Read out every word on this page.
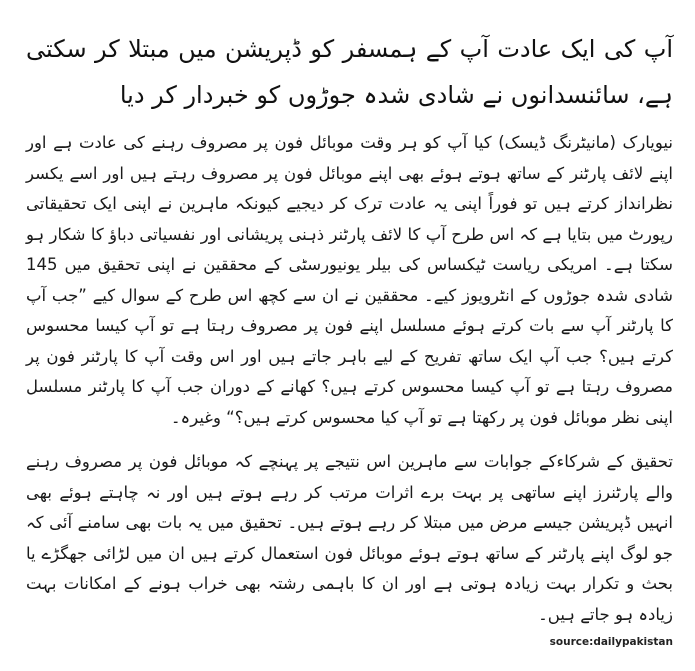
آپ کی ایک عادت آپ کے ہمسفر کو ڈپریشن میں مبتلا کر سکتی ہے، سائنسدانوں نے شادی شدہ جوڑوں کو خبردار کر دیا

نیویارک (مانیٹرنگ ڈیسک) کیا آپ کو ہر وقت موبائل فون پر مصروف رہنے کی عادت ہے اور اپنے لائف پارٹنر کے ساتھ ہوتے ہوئے بھی اپنے موبائل فون پر مصروف رہتے ہیں اور اسے یکسر نظرانداز کرتے ہیں تو فوراً اپنی یہ عادت ترک کر دیجیے کیونکہ ماہرین نے اپنی ایک تحقیقاتی رپورٹ میں بتایا ہے کہ اس طرح آپ کا لائف پارٹنر ذہنی پریشانی اور نفسیاتی دباؤ کا شکار ہو سکتا ہے۔ امریکی ریاست ٹیکساس کی بیلر یونیورسٹی کے محققین نے اپنی تحقیق میں 145 شادی شدہ جوڑوں کے انٹرویوز کیے۔ محققین نے ان سے کچھ اس طرح کے سوال کیے ”جب آپ کا پارٹنر آپ سے بات کرتے ہوئے مسلسل اپنے فون پر مصروف رہتا ہے تو آپ کیسا محسوس کرتے ہیں؟ جب آپ ایک ساتھ تفریح کے لیے باہر جاتے ہیں اور اس وقت آپ کا پارٹنر فون پر مصروف رہتا ہے تو آپ کیسا محسوس کرتے ہیں؟ کھانے کے دوران جب آپ کا پارٹنر مسلسل اپنی نظر موبائل فون پر رکھتا ہے تو آپ کیا محسوس کرتے ہیں؟“ وغیرہ۔

تحقیق کے شرکاءکے جوابات سے ماہرین اس نتیجے پر پہنچے کہ موبائل فون پر مصروف رہنے والے پارٹنرز اپنے ساتھی پر بہت برے اثرات مرتب کر رہے ہوتے ہیں اور نہ چاہتے ہوئے بھی انہیں ڈپریشن جیسے مرض میں مبتلا کر رہے ہوتے ہیں۔ تحقیق میں یہ بات بھی سامنے آئی کہ جو لوگ اپنے پارٹنر کے ساتھ ہوتے ہوئے موبائل فون استعمال کرتے ہیں ان میں لڑائی جھگڑے یا بحث و تکرار بہت زیادہ ہوتی ہے اور ان کا باہمی رشتہ بھی خراب ہونے کے امکانات بہت زیادہ ہو جاتے ہیں۔

source:dailypakistan
